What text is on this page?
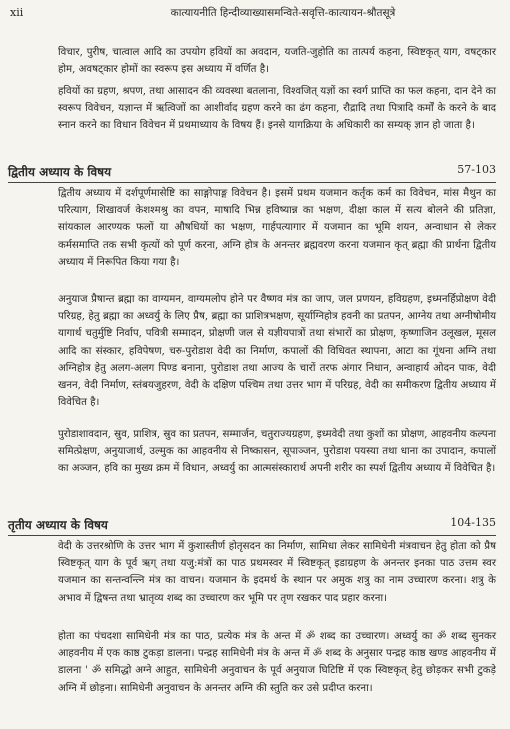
xii	कात्यायनीति हिन्दीव्याख्यासमन्विते-सवृत्ति-कात्यायन-श्रौतसूत्रे

विचार, पुरीष, चात्वाल आदि का उपयोग हवियों का अवदान, यजति-जुहोति का तात्पर्य कहना, स्विष्टकृत् याग, वषट्कार होम, अवषट्कार होमों का स्वरूप इस अध्याय में वर्णित है।

हवियों का ग्रहण, श्रपण, तथा आसादन की व्यवस्था बतलाना, विश्वजित् यज्ञों का स्वर्ग प्राप्ति का फल कहना, दान देने का स्वरूप विवेचन, यज्ञान्त में ऋत्विजों का आशीर्वाद ग्रहण करने का ढंग कहना, रौद्रादि तथा पित्रादि कर्मों के करने के बाद स्नान करने का विधान विवेचन में प्रथमाध्याय के विषय हैं। इनसे यागक्रिया के अधिकारी का सम्यक् ज्ञान हो जाता है।

द्वितीय अध्याय के विषय	57-103

द्वितीय अध्याय में दर्शपूर्णमासेष्टि का साङ्गोपाङ्ग विवेचन है। इसमें प्रथम यजमान कर्तृक कर्म का विवेचन, मांस मैथुन का परित्याग, शिखावर्ज केशश्मश्रु का वपन, माषादि भिन्न हविष्यान्न का भक्षण, दीक्षा काल में सत्य बोलने की प्रतिज्ञा, सांयकाल आरण्यक फलों या औषधियों का भक्षण, गार्हपत्यागार में यजमान का भूमि शयन, अन्वाधान से लेकर कर्मसमाप्ति तक सभी कृत्यों को पूर्ण करना, अग्नि होत्र के अनन्तर ब्रह्मवरण करना यजमान कृत् ब्रह्मा की प्रार्थना द्वितीय अध्याय में निरूपित किया गया है।

अनुयाज प्रैषान्त ब्रह्मा का वाग्यमन, वाग्यमलोप होने पर वैष्णव मंत्र का जाप, जल प्रणयन, हविग्रहण, इध्मनर्हिप्रोक्षण वेदी परिग्रह, हेतु ब्रह्मा का अध्वर्यु के लिए प्रैष, ब्रह्मा का प्राशित्रभक्षण, सूर्याग्निहोत्र हवनी का प्रतपन, आग्नेय तथा अग्नीषोमीय यागार्थ चतुर्मुष्टि निर्वाप, पवित्री सम्मादन, प्रोक्षणी जल से यज्ञीयपात्रों तथा संभारों का प्रोक्षण, कृष्णाजिन उलूखल, मूसल आदि का संस्कार, हविपेषण, चरु-पुरोडाश वेदी का निर्माण, कपालों की विधिवत स्थापना, आटा का गूंथना अग्नि तथा अग्निहोत्र हेतु अलग-अलग पिण्ड बनाना, पुरोडाश तथा आज्य के चारों तरफ अंगार निधान, अन्वाहार्य ओदन पाक, वेदी खनन, वेदी निर्माण, स्तंबयजुहरण, वेदी के दक्षिण पश्चिम तथा उत्तर भाग में परिग्रह, वेदी का समीकरण द्वितीय अध्याय में विवेचित है।

पुरोडाशावदान, स्रुव, प्राशित्र, स्रुव का प्रतपन, सम्मार्जन, चतुराज्यग्रहण, इध्मवेदी तथा कुशों का प्रोक्षण, आहवनीय कल्पना समित्प्रेक्षण, अनुयाजार्थ, उल्मुक का आहवनीय से निष्कासन, सूपाञ्जन, पुरोडाश पयस्या तथा धाना का उपादान, कपालों का अञ्जन, हवि का मुख्य क्रम में विधान, अध्वर्यु का आत्मसंस्कारार्थ अपनी शरीर का स्पर्श द्वितीय अध्याय में विवेचित है।

तृतीय अध्याय के विषय	104-135

वेदी के उत्तरश्रोणि के उत्तर भाग में कुशास्तीर्ण होतृसदन का निर्माण, सामिधा लेकर सामिधेनी मंत्रवाचन हेतु होता को प्रैष स्विष्टकृत् याग के पूर्व ऋग् तथा यजु:मंत्रों का पाठ प्रथमस्वर में स्विष्टकृत् इडाग्रहण के अनन्तर इनका पाठ उत्तम स्वर यजमान का सन्तन्वन्त्नि मंत्र का वाचन। यजमान के इदमर्थ के स्थान पर अमुक शत्रु का नाम उच्चारण करना। शत्रु के अभाव में द्विषन्त तथा भ्रातृव्य शब्द का उच्चारण कर भूमि पर तृण रखकर पाद प्रहार करना।

होता का पंचदशा सामिधेनी मंत्र का पाठ, प्रत्येक मंत्र के अन्त में ॐ शब्द का उच्चारण। अध्वर्यु का ॐ शब्द सुनकर आहवनीय में एक काष्ठ टुकड़ा डालना। पन्द्रह सामिधेनी मंत्र के अन्त में ॐ शब्द के अनुसार पन्द्रह काष्ठ खण्ड आहवनीय में डालना ' ॐ समिद्धो अग्ने आहुत, सामिधेनी अनुवाचन के पूर्व अनुयाज घिटिष्टि में एक स्विष्टकृत् हेतु छोड़कर सभी टुकड़े अग्नि में छोड़ना। सामिधेनी अनुवाचन के अनन्तर अग्नि की स्तुति कर उसे प्रदीप्त करना।
